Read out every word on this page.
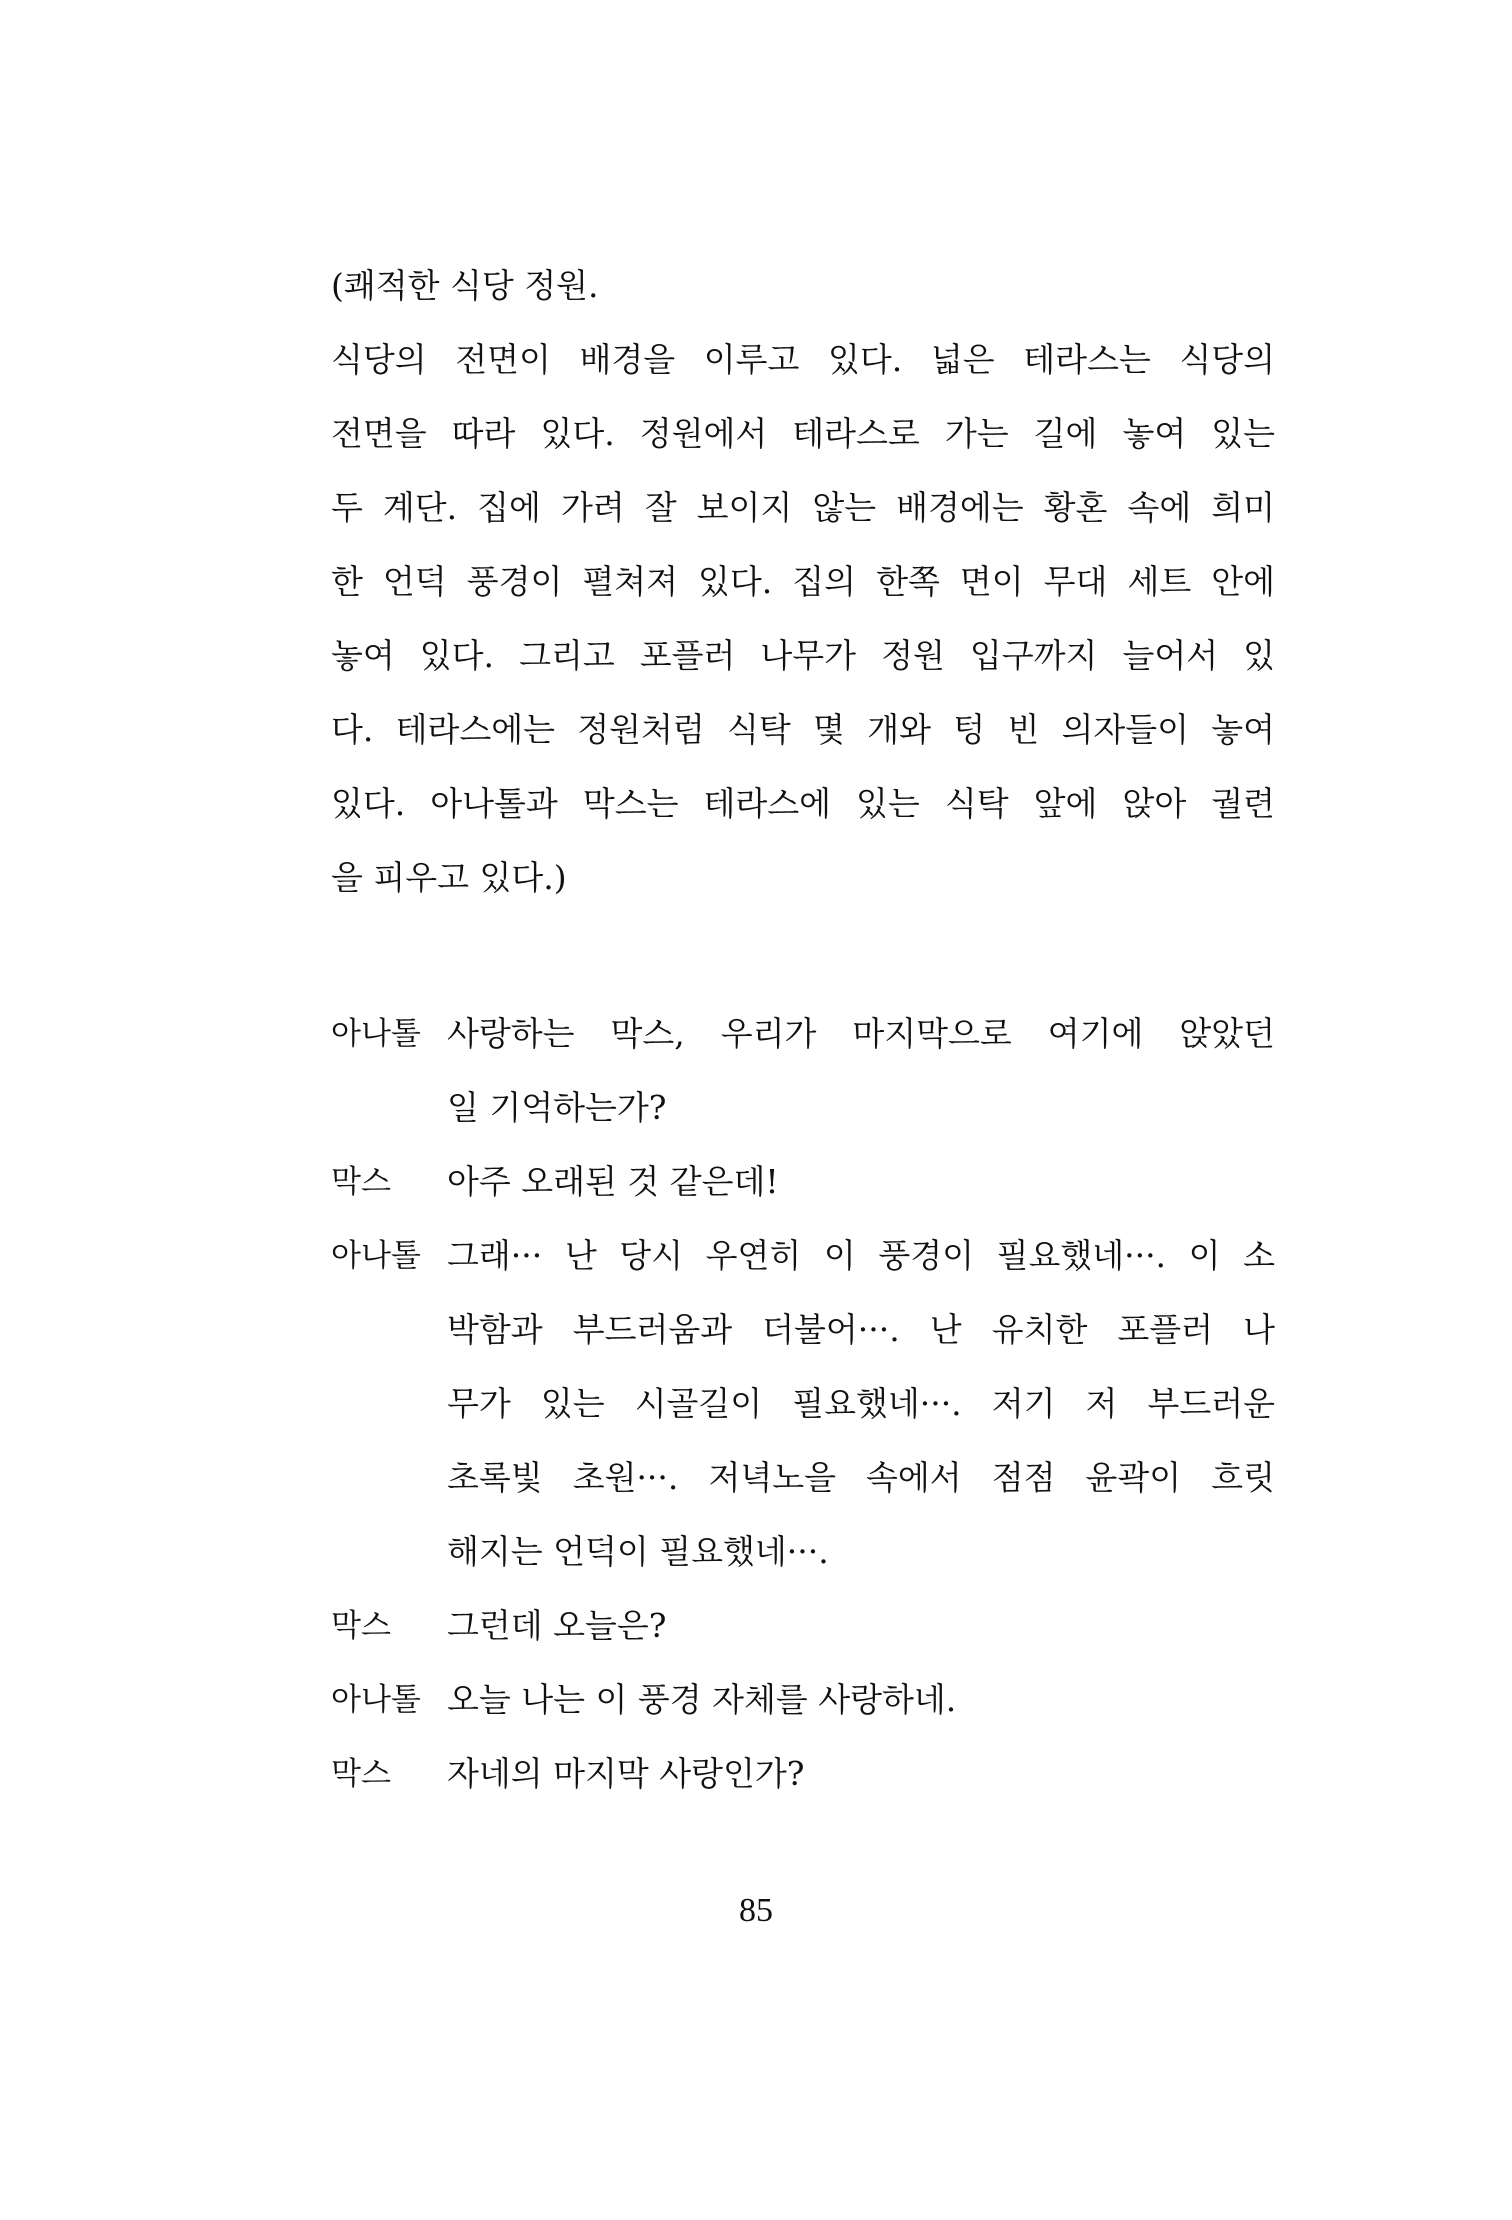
(쾌적한 식당 정원.
식당의 전면이 배경을 이루고 있다. 넓은 테라스는 식당의
전면을 따라 있다. 정원에서 테라스로 가는 길에 놓여 있는
두 계단. 집에 가려 잘 보이지 않는 배경에는 황혼 속에 희미
한 언덕 풍경이 펼쳐져 있다. 집의 한쪽 면이 무대 세트 안에
놓여 있다. 그리고 포플러 나무가 정원 입구까지 늘어서 있
다. 테라스에는 정원처럼 식탁 몇 개와 텅 빈 의자들이 놓여
있다. 아나톨과 막스는 테라스에 있는 식탁 앞에 앉아 궐련
을 피우고 있다.)
아나톨 사랑하는 막스, 우리가 마지막으로 여기에 앉았던
일 기억하는가?
막스 아주 오래된 것 같은데!
아나톨 그래··· 난 당시 우연히 이 풍경이 필요했네···. 이 소
박함과 부드러움과 더불어···. 난 유치한 포플러 나
무가 있는 시골길이 필요했네···. 저기 저 부드러운
초록빛 초원···. 저녁노을 속에서 점점 윤곽이 흐릿
해지는 언덕이 필요했네···.
막스 그런데 오늘은?
아나톨 오늘 나는 이 풍경 자체를 사랑하네.
막스 자네의 마지막 사랑인가?
85
